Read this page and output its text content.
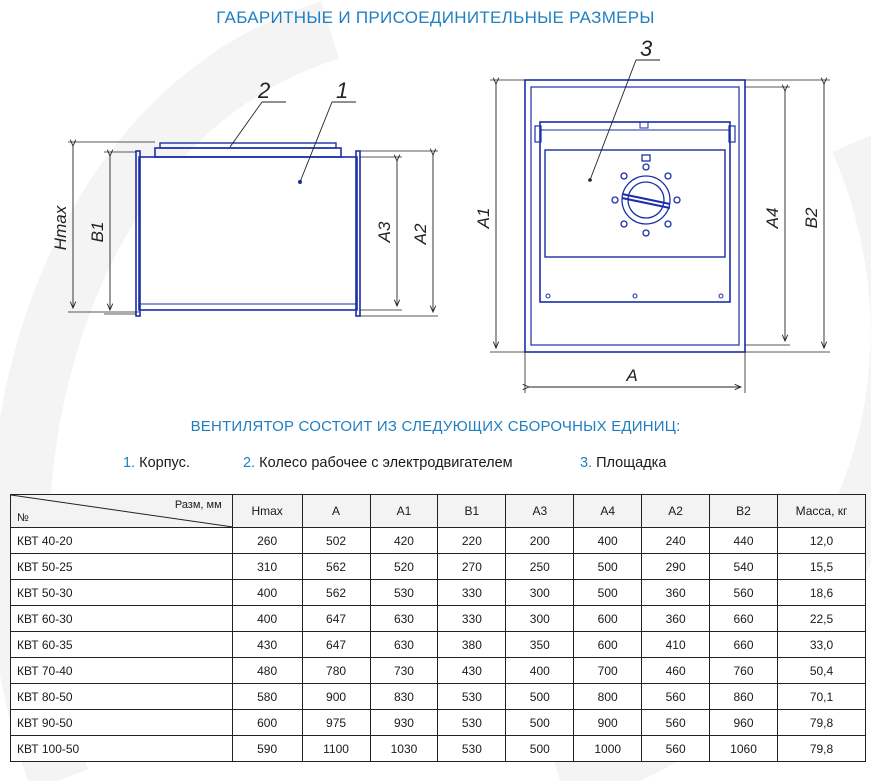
ГАБАРИТНЫЕ И ПРИСОЕДИНИТЕЛЬНЫЕ РАЗМЕРЫ
2	1
Hmax B1	A3 A2
3
A1	A4 B2
A
ВЕНТИЛЯТОР СОСТОИТ ИЗ СЛЕДУЮЩИХ СБОРОЧНЫХ ЕДИНИЦ:
1. Корпус.	2. Колесо рабочее с электродвигателем	3. Площадка
Разм, мм
№	Hmax	A	A1	B1	A3	A4	A2	B2	Масса, кг
КВТ 40-20	260	502	420	220	200	400	240	440	12,0
КВТ 50-25	310	562	520	270	250	500	290	540	15,5
КВТ 50-30	400	562	530	330	300	500	360	560	18,6
КВТ 60-30	400	647	630	330	300	600	360	660	22,5
КВТ 60-35	430	647	630	380	350	600	410	660	33,0
КВТ 70-40	480	780	730	430	400	700	460	760	50,4
КВТ 80-50	580	900	830	530	500	800	560	860	70,1
КВТ 90-50	600	975	930	530	500	900	560	960	79,8
КВТ 100-50	590	1100	1030	530	500	1000	560	1060	79,8
